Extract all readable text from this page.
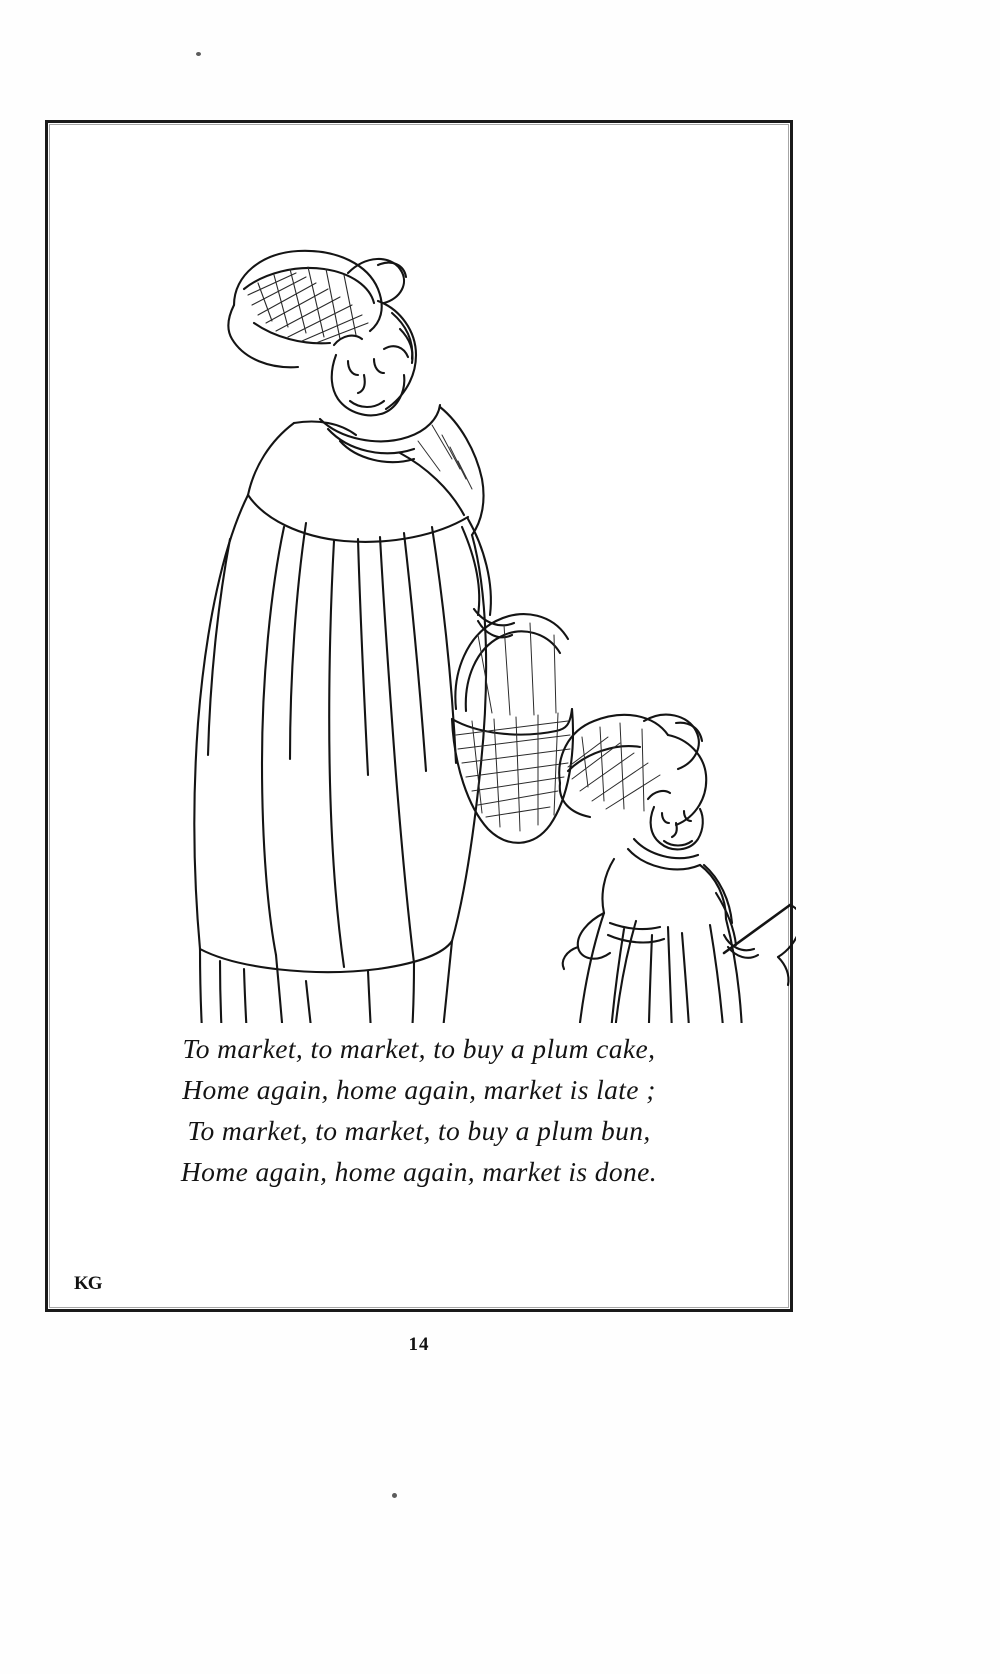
To market, to market, to buy a plum cake,
Home again, home again, market is late ;
To market, to market, to buy a plum bun,
Home again, home again, market is done.
KG
14
